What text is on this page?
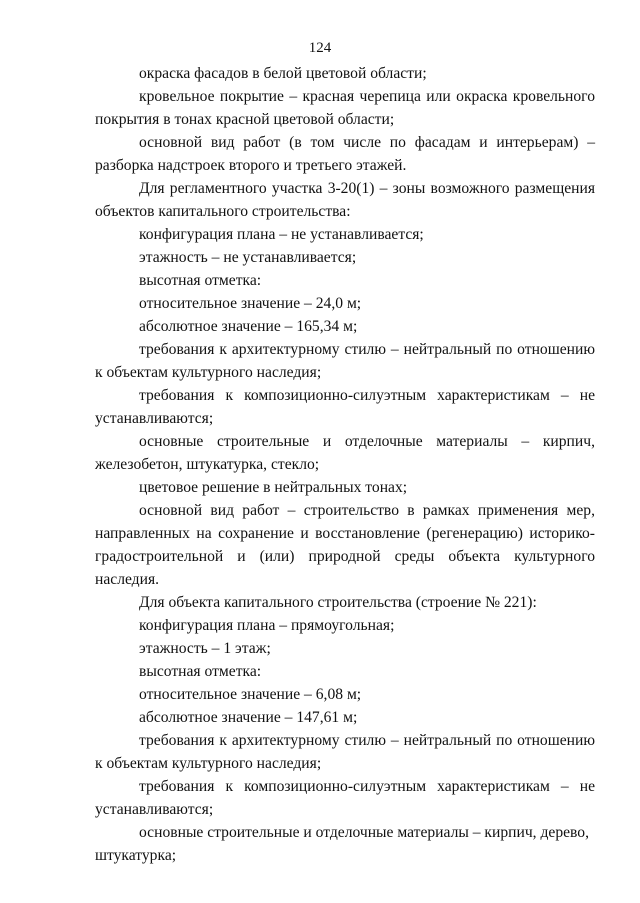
124

окраска фасадов в белой цветовой области;

кровельное покрытие – красная черепица или окраска кровельного покрытия в тонах красной цветовой области;

основной вид работ (в том числе по фасадам и интерьерам) – разборка надстроек второго и третьего этажей.

Для регламентного участка 3-20(1) – зоны возможного размещения объектов капитального строительства:

конфигурация плана – не устанавливается;

этажность – не устанавливается;

высотная отметка:

относительное значение – 24,0 м;

абсолютное значение – 165,34 м;

требования к архитектурному стилю – нейтральный по отношению к объектам культурного наследия;

требования к композиционно-силуэтным характеристикам – не устанавливаются;

основные строительные и отделочные материалы – кирпич, железобетон, штукатурка, стекло;

цветовое решение в нейтральных тонах;

основной вид работ – строительство в рамках применения мер, направленных на сохранение и восстановление (регенерацию) историко-градостроительной и (или) природной среды объекта культурного наследия.

Для объекта капитального строительства (строение № 221):

конфигурация плана – прямоугольная;

этажность – 1 этаж;

высотная отметка:

относительное значение – 6,08 м;

абсолютное значение – 147,61 м;

требования к архитектурному стилю – нейтральный по отношению к объектам культурного наследия;

требования к композиционно-силуэтным характеристикам – не устанавливаются;

основные строительные и отделочные материалы – кирпич, дерево, штукатурка;
